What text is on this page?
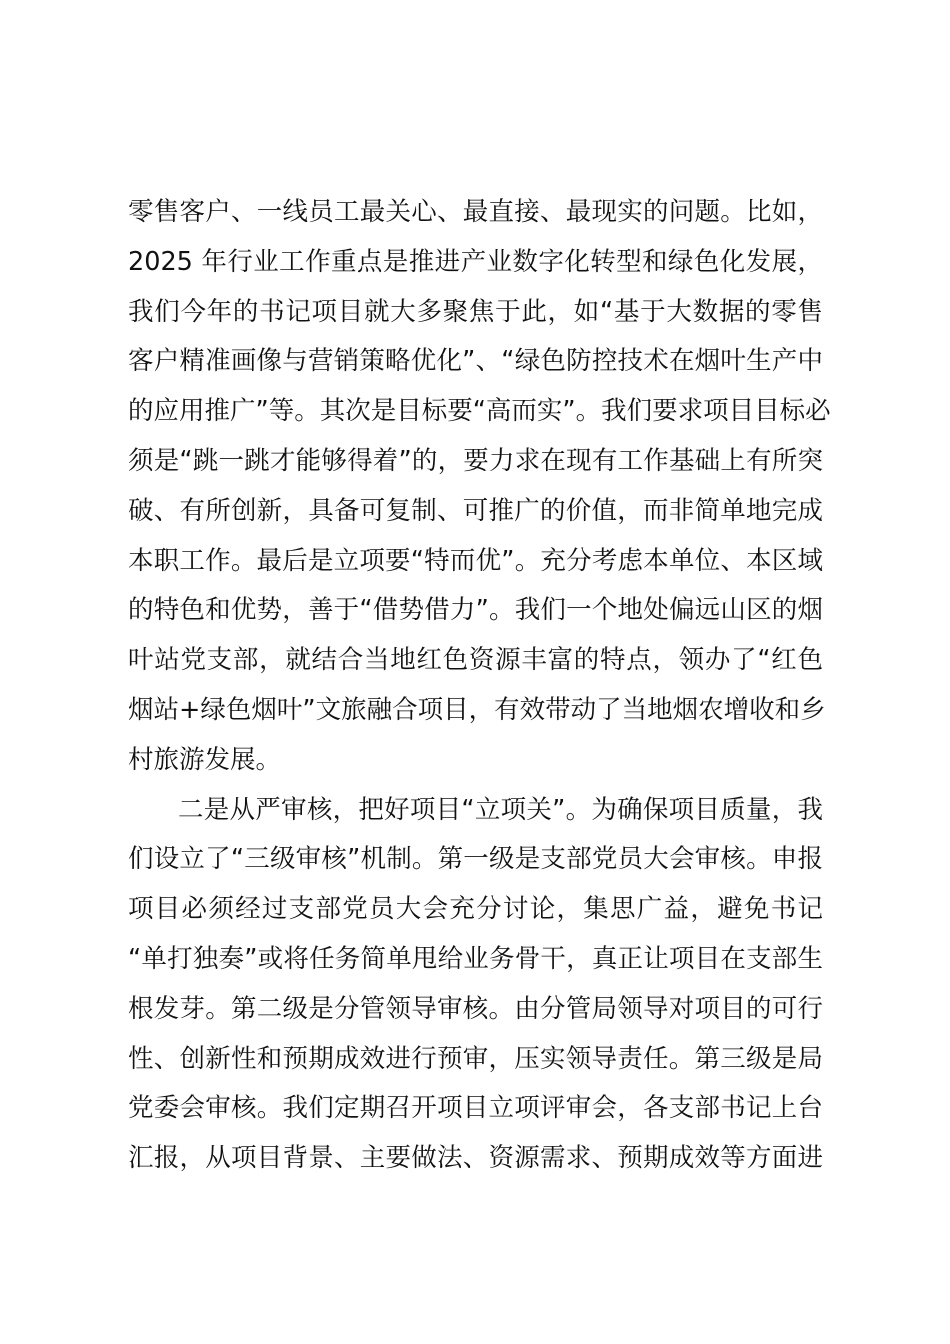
零售客户、一线员工最关心、最直接、最现实的问题。比如，
2025 年行业工作重点是推进产业数字化转型和绿色化发展，
我们今年的书记项目就大多聚焦于此，如“基于大数据的零售
客户精准画像与营销策略优化”、“绿色防控技术在烟叶生产中
的应用推广”等。其次是目标要“高而实”。我们要求项目目标必
须是“跳一跳才能够得着”的，要力求在现有工作基础上有所突
破、有所创新，具备可复制、可推广的价值，而非简单地完成
本职工作。最后是立项要“特而优”。充分考虑本单位、本区域
的特色和优势，善于“借势借力”。我们一个地处偏远山区的烟
叶站党支部，就结合当地红色资源丰富的特点，领办了“红色
烟站+绿色烟叶”文旅融合项目，有效带动了当地烟农增收和乡
村旅游发展。
二是从严审核，把好项目“立项关”。为确保项目质量，我
们设立了“三级审核”机制。第一级是支部党员大会审核。申报
项目必须经过支部党员大会充分讨论，集思广益，避免书记
“单打独奏”或将任务简单甩给业务骨干，真正让项目在支部生
根发芽。第二级是分管领导审核。由分管局领导对项目的可行
性、创新性和预期成效进行预审，压实领导责任。第三级是局
党委会审核。我们定期召开项目立项评审会，各支部书记上台
汇报，从项目背景、主要做法、资源需求、预期成效等方面进
